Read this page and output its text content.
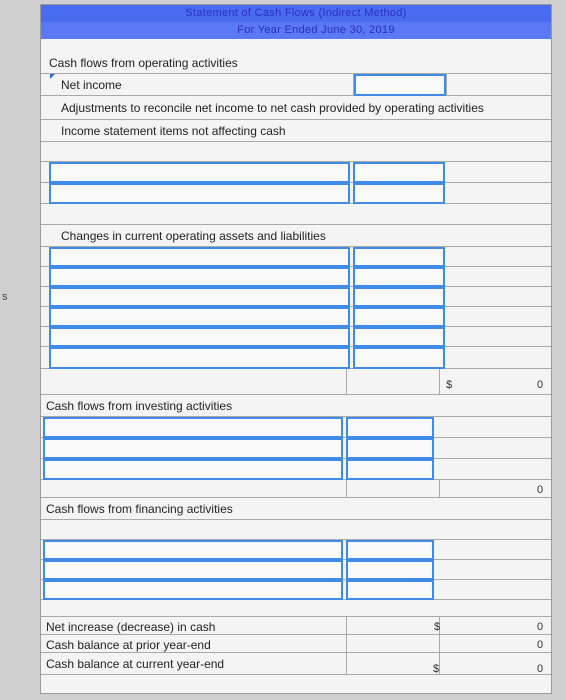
s
Statement of Cash Flows (Indirect Method)
For Year Ended June 30, 2019
Cash flows from operating activities
Net income
Adjustments to reconcile net income to net cash provided by operating activities
Income statement items not affecting cash
Changes in current operating assets and liabilities
$	0
Cash flows from investing activities
0
Cash flows from financing activities
Net increase (decrease) in cash	$	0
Cash balance at prior year-end	0
Cash balance at current year-end	$	0
